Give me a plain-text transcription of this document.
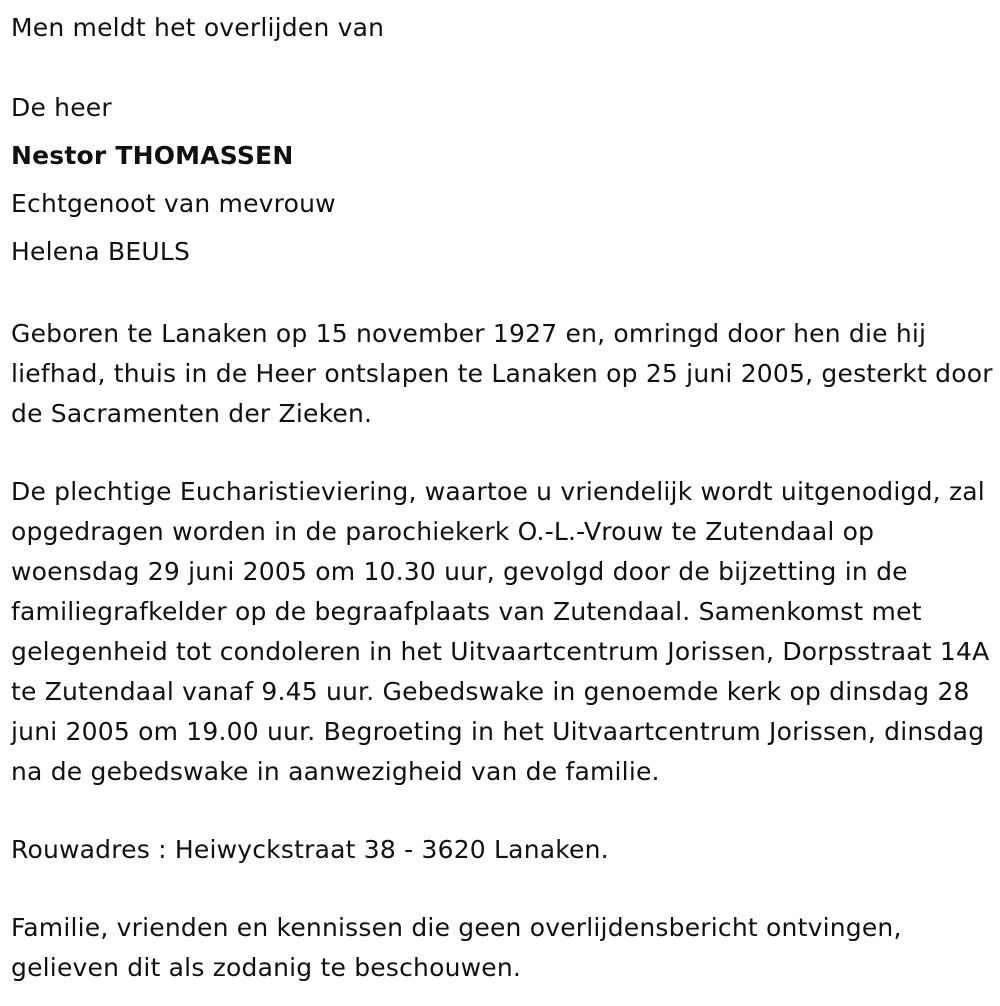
Men meldt het overlijden van
De heer
Nestor THOMASSEN
Echtgenoot van mevrouw
Helena BEULS

Geboren te Lanaken op 15 november 1927 en, omringd door hen die hij liefhad, thuis in de Heer ontslapen te Lanaken op 25 juni 2005, gesterkt door de Sacramenten der Zieken.

De plechtige Eucharistieviering, waartoe u vriendelijk wordt uitgenodigd, zal opgedragen worden in de parochiekerk O.-L.-Vrouw te Zutendaal op woensdag 29 juni 2005 om 10.30 uur, gevolgd door de bijzetting in de familiegrafkelder op de begraafplaats van Zutendaal. Samenkomst met gelegenheid tot condoleren in het Uitvaartcentrum Jorissen, Dorpsstraat 14A te Zutendaal vanaf 9.45 uur. Gebedswake in genoemde kerk op dinsdag 28 juni 2005 om 19.00 uur. Begroeting in het Uitvaartcentrum Jorissen, dinsdag na de gebedswake in aanwezigheid van de familie.

Rouwadres : Heiwyckstraat 38 - 3620 Lanaken.

Familie, vrienden en kennissen die geen overlijdensbericht ontvingen, gelieven dit als zodanig te beschouwen.
